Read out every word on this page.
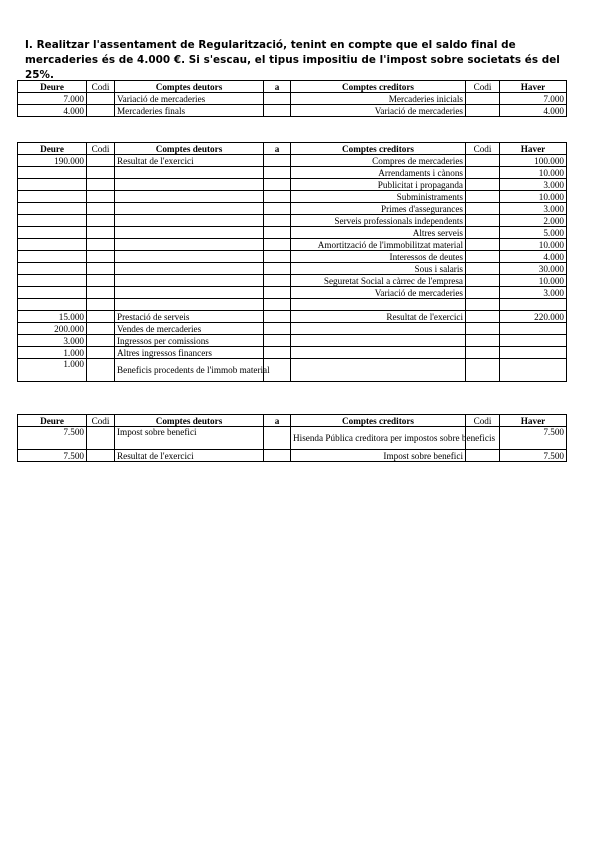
I. Realitzar l'assentament de Regularització, tenint en compte que el saldo final de mercaderies és de 4.000 €. Si s'escau, el tipus impositiu de l'impost sobre societats és del 25%.
Deure	Codi	Comptes deutors	a	Comptes creditors	Codi	Haver
7.000		Variació de mercaderies		Mercaderies inicials		7.000
4.000		Mercaderies finals		Variació de mercaderies		4.000
Deure	Codi	Comptes deutors	a	Comptes creditors	Codi	Haver
190.000		Resultat de l'exercici		Compres de mercaderies		100.000
				Arrendaments i cànons		10.000
				Publicitat i propaganda		3.000
				Subministraments		10.000
				Primes d'assegurances		3.000
				Serveis professionals independents		2.000
				Altres serveis		5.000
				Amortització de l'immobilitzat material		10.000
				Interessos de deutes		4.000
				Sous i salaris		30.000
				Seguretat Social a càrrec de l'empresa		10.000
				Variació de mercaderies		3.000

15.000		Prestació de serveis		Resultat de l'exercici		220.000
200.000		Vendes de mercaderies				
3.000		Ingressos per comissions				
1.000		Altres ingressos financers				
1.000		Beneficis procedents de l'immob material				
Deure	Codi	Comptes deutors	a	Comptes creditors	Codi	Haver
7.500		Impost sobre benefici		Hisenda Pública creditora per impostos sobre beneficis		7.500
7.500		Resultat de l'exercici		Impost sobre benefici		7.500
